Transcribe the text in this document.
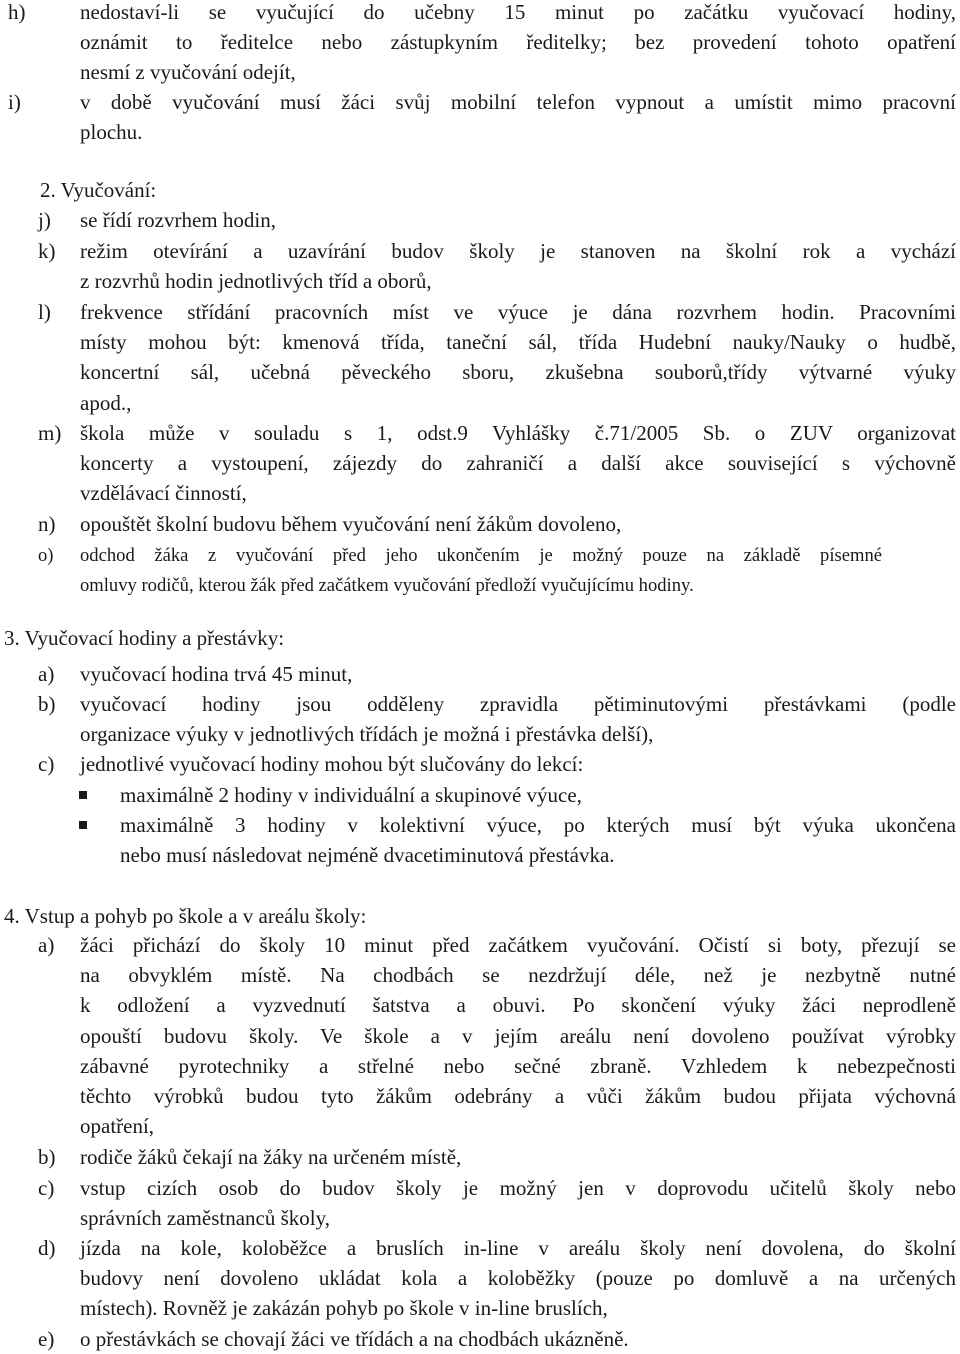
h)	nedostaví-li se vyučující do učebny 15 minut po začátku vyučovací hodiny,
oznámit to ředitelce nebo zástupkyním ředitelky; bez provedení tohoto opatření
nesmí z vyučování odejít,
i)	v době vyučování musí žáci svůj mobilní telefon vypnout a umístit mimo pracovní
plochu.
2. Vyučování:
j) se řídí rozvrhem hodin,
k) režim otevírání a uzavírání budov školy je stanoven na školní rok a vychází
z rozvrhů hodin jednotlivých tříd a oborů,
l) frekvence střídání pracovních míst ve výuce je dána rozvrhem hodin. Pracovními
místy mohou být: kmenová třída, taneční sál, třída Hudební nauky/Nauky o hudbě,
koncertní sál, učebná pěveckého sboru, zkušebna souborů,třídy výtvarné výuky
apod.,
m) škola může v souladu s 1, odst.9 Vyhlášky č.71/2005 Sb. o ZUV organizovat
koncerty a vystoupení, zájezdy do zahraničí a další akce související s výchovně
vzdělávací činností,
n) opouštět školní budovu během vyučování není žákům dovoleno,
o) odchod žáka z vyučování před jeho ukončením je možný pouze na základě písemné
omluvy rodičů, kterou žák před začátkem vyučování předloží vyučujícímu hodiny.
3. Vyučovací hodiny a přestávky:
a) vyučovací hodina trvá 45 minut,
b) vyučovací hodiny jsou odděleny zpravidla pětiminutovými přestávkami (podle
organizace výuky v jednotlivých třídách je možná i přestávka delší),
c) jednotlivé vyučovací hodiny mohou být slučovány do lekcí:
maximálně 2 hodiny v individuální a skupinové výuce,
maximálně 3 hodiny v kolektivní výuce, po kterých musí být výuka ukončena
nebo musí následovat nejméně dvacetiminutová přestávka.
4. Vstup a pohyb po škole a v areálu školy:
a) žáci přichází do školy 10 minut před začátkem vyučování. Očistí si boty, přezují se
na obvyklém místě. Na chodbách se nezdržují déle, než je nezbytně nutné
k odložení a vyzvednutí šatstva a obuvi. Po skončení výuky žáci neprodleně
opouští budovu školy. Ve škole a v jejím areálu není dovoleno používat výrobky
zábavné pyrotechniky a střelné nebo sečné zbraně. Vzhledem k nebezpečnosti
těchto výrobků budou tyto žákům odebrány a vůči žákům budou přijata výchovná
opatření,
b) rodiče žáků čekají na žáky na určeném místě,
c) vstup cizích osob do budov školy je možný jen v doprovodu učitelů školy nebo
správních zaměstnanců školy,
d) jízda na kole, koloběžce a bruslích in-line v areálu školy není dovolena, do školní
budovy není dovoleno ukládat kola a koloběžky (pouze po domluvě a na určených
místech). Rovněž je zakázán pohyb po škole v in-line bruslích,
e) o přestávkách se chovají žáci ve třídách a na chodbách ukázněně.
